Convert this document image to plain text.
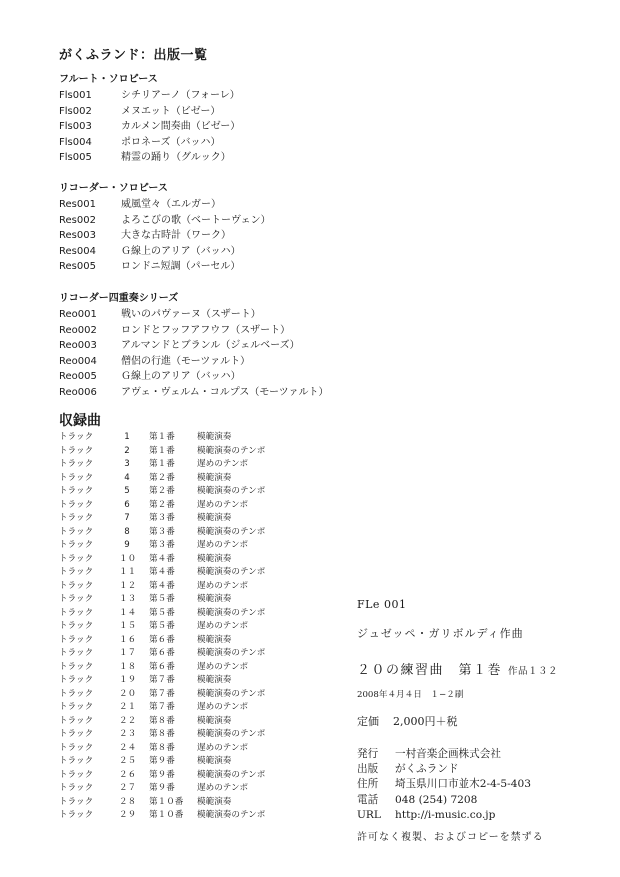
がくふランド：出版一覧
フルート・ソロピース
Fls001	シチリアーノ（フォーレ）
Fls002	メヌエット（ビゼー）
Fls003	カルメン間奏曲（ビゼー）
Fls004	ポロネーズ（バッハ）
Fls005	精霊の踊り（グルック）
リコーダー・ソロピース
Res001	威風堂々（エルガー）
Res002	よろこびの歌（ベートーヴェン）
Res003	大きな古時計（ワーク）
Res004	Ｇ線上のアリア（バッハ）
Res005	ロンドニ短調（パーセル）
リコーダー四重奏シリーズ
Reo001	戦いのパヴァーヌ（スザート）
Reo002	ロンドとフッフアフウフ（スザート）
Reo003	アルマンドとブランル（ジェルベーズ）
Reo004	僧侶の行進（モーツァルト）
Reo005	Ｇ線上のアリア（バッハ）
Reo006	アヴェ・ヴェルム・コルプス（モーツァルト）
収録曲
トラック	1	第１番	模範演奏
トラック	2	第１番	模範演奏のテンポ
トラック	3	第１番	遅めのテンポ
トラック	4	第２番	模範演奏
トラック	5	第２番	模範演奏のテンポ
トラック	6	第２番	遅めのテンポ
トラック	7	第３番	模範演奏
トラック	8	第３番	模範演奏のテンポ
トラック	9	第３番	遅めのテンポ
トラック	１０	第４番	模範演奏
トラック	１１	第４番	模範演奏のテンポ
トラック	１２	第４番	遅めのテンポ
トラック	１３	第５番	模範演奏
トラック	１４	第５番	模範演奏のテンポ
トラック	１５	第５番	遅めのテンポ
トラック	１６	第６番	模範演奏
トラック	１７	第６番	模範演奏のテンポ
トラック	１８	第６番	遅めのテンポ
トラック	１９	第７番	模範演奏
トラック	２０	第７番	模範演奏のテンポ
トラック	２１	第７番	遅めのテンポ
トラック	２２	第８番	模範演奏
トラック	２３	第８番	模範演奏のテンポ
トラック	２４	第８番	遅めのテンポ
トラック	２５	第９番	模範演奏
トラック	２６	第９番	模範演奏のテンポ
トラック	２７	第９番	遅めのテンポ
トラック	２８	第１０番	模範演奏
トラック	２９	第１０番	模範演奏のテンポ
FLe 001
ジュゼッペ・ガリボルディ作曲
２０の練習曲　第１巻 作品１３２
2008年４月４日　１−２刷
定価 2,000円＋税
発行	一村音楽企画株式会社
出版	がくふランド
住所	埼玉県川口市並木2-4-5-403
電話	048 (254) 7208
URL	http://i-music.co.jp
許可なく複製、およびコピーを禁ずる
